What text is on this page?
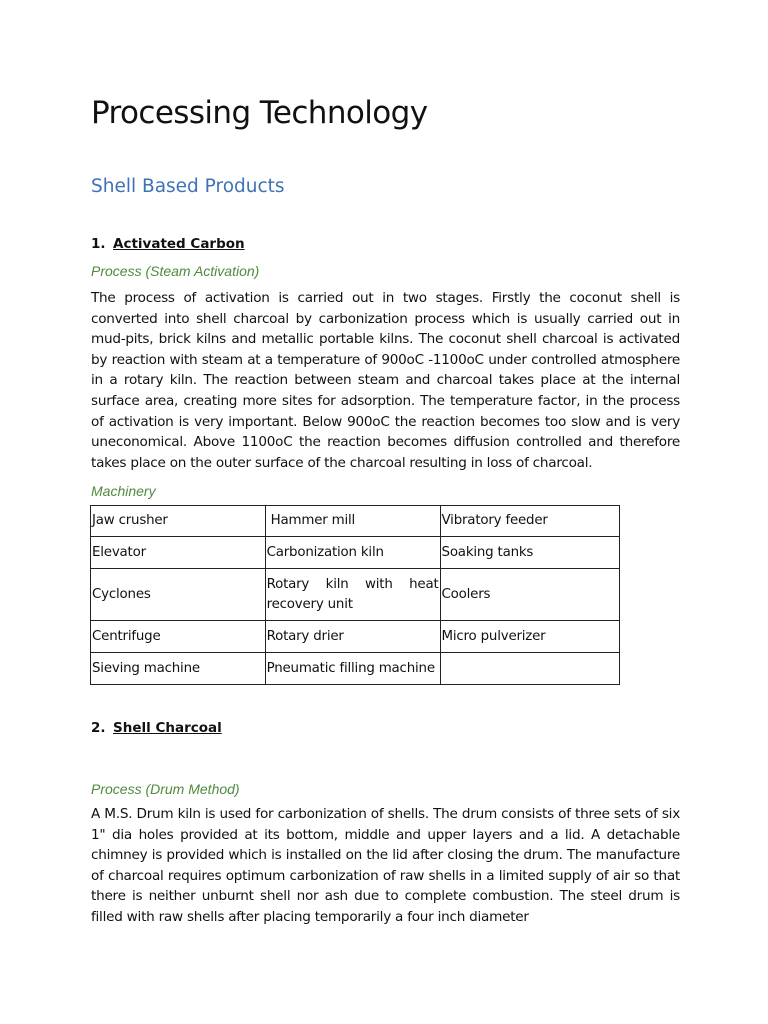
Processing Technology
Shell Based Products
1. Activated Carbon
Process (Steam Activation)

The process of activation is carried out in two stages. Firstly the coconut shell is converted into shell charcoal by carbonization process which is usually carried out in mud-pits, brick kilns and metallic portable kilns. The coconut shell charcoal is activated by reaction with steam at a temperature of 900oC -1100oC under controlled atmosphere in a rotary kiln. The reaction between steam and charcoal takes place at the internal surface area, creating more sites for adsorption. The temperature factor, in the process of activation is very important. Below 900oC the reaction becomes too slow and is very uneconomical. Above 1100oC the reaction becomes diffusion controlled and therefore takes place on the outer surface of the charcoal resulting in loss of charcoal.

Machinery
Jaw crusher	Hammer mill	Vibratory feeder
Elevator	Carbonization kiln	Soaking tanks
Cyclones	Rotary kiln with heat recovery unit	Coolers
Centrifuge	Rotary drier	Micro pulverizer
Sieving machine	Pneumatic filling machine	
2. Shell Charcoal
Process (Drum Method)

A M.S. Drum kiln is used for carbonization of shells. The drum consists of three sets of six 1" dia holes provided at its bottom, middle and upper layers and a lid. A detachable chimney is provided which is installed on the lid after closing the drum. The manufacture of charcoal requires optimum carbonization of raw shells in a limited supply of air so that there is neither unburnt shell nor ash due to complete combustion. The steel drum is filled with raw shells after placing temporarily a four inch diameter
